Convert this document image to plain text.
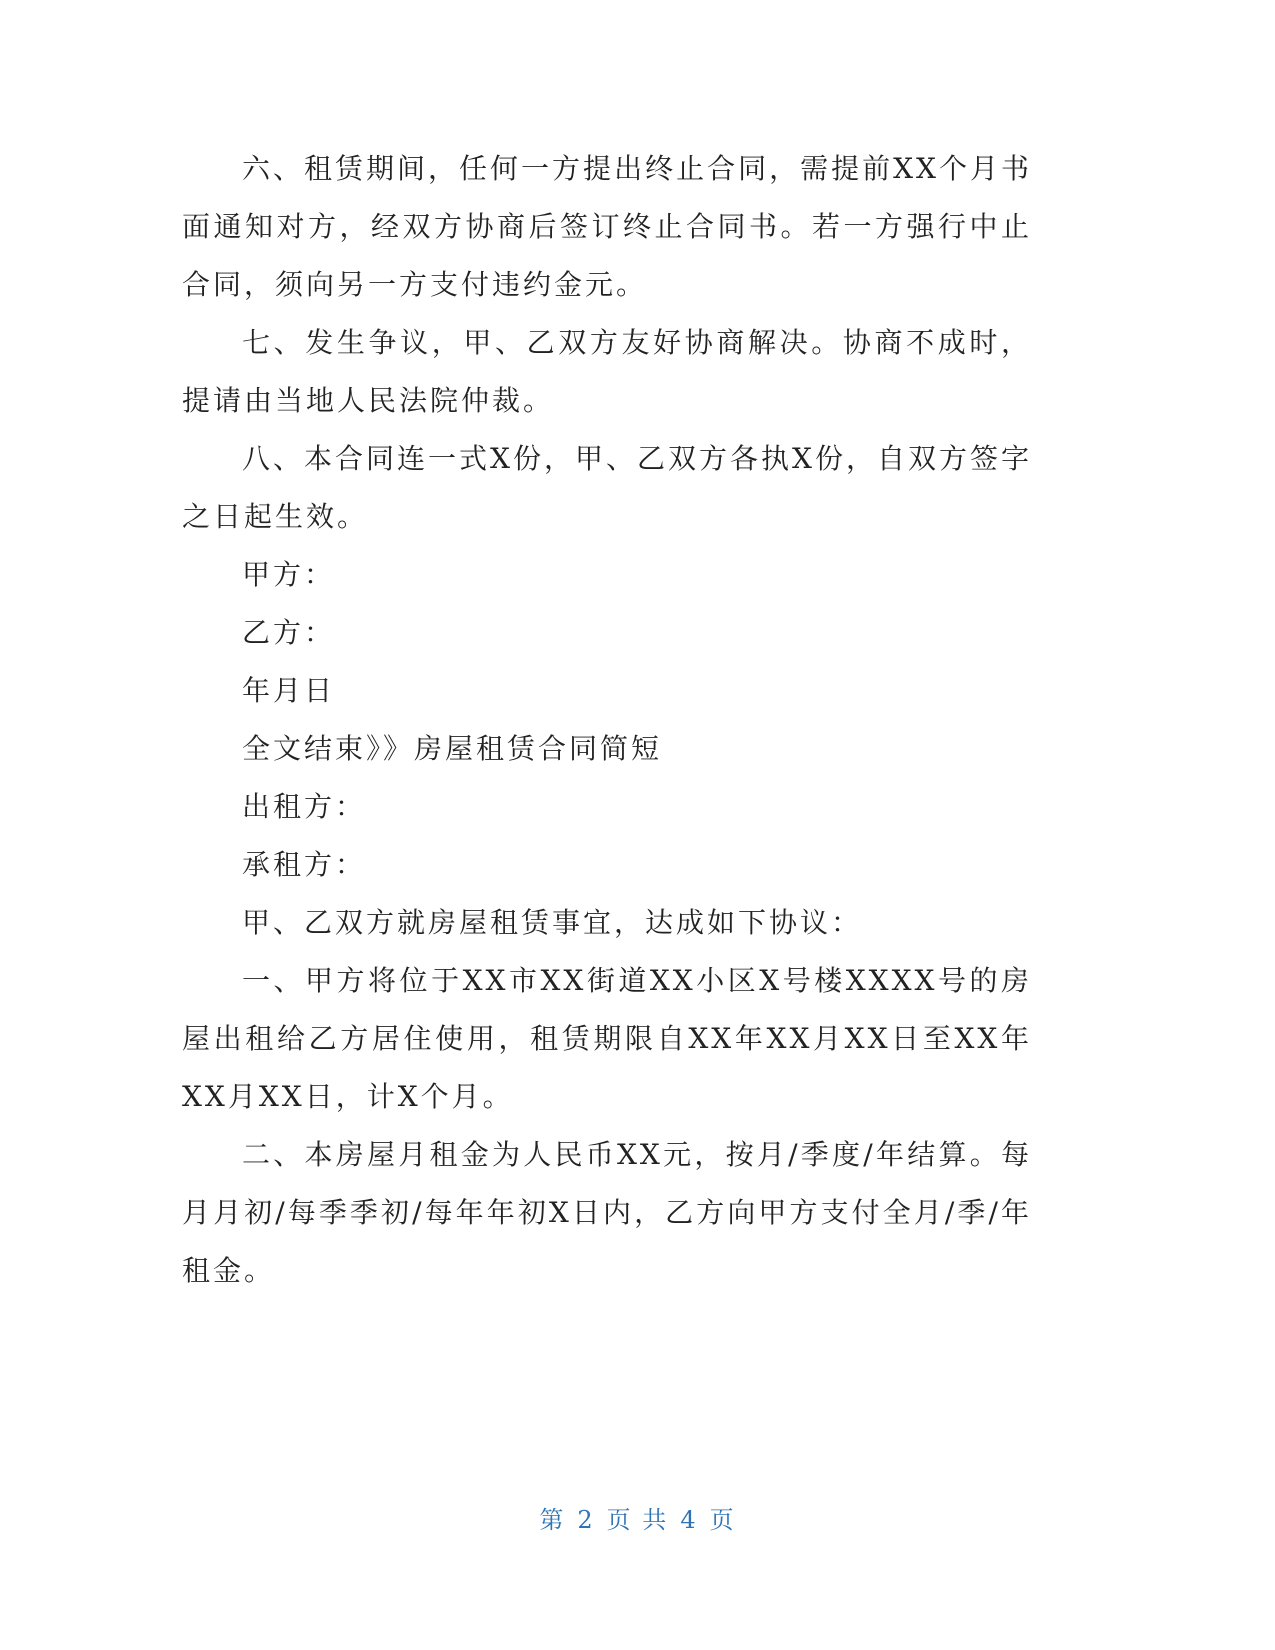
六、租赁期间，任何一方提出终止合同，需提前XX个月书面通知对方，经双方协商后签订终止合同书。若一方强行中止合同，须向另一方支付违约金元。

七、发生争议，甲、乙双方友好协商解决。协商不成时，提请由当地人民法院仲裁。

八、本合同连一式X份，甲、乙双方各执X份，自双方签字之日起生效。

甲方：

乙方：

年月日

全文结束》》房屋租赁合同简短

出租方：

承租方：

甲、乙双方就房屋租赁事宜，达成如下协议：

一、甲方将位于XX市XX街道XX小区X号楼XXXX号的房屋出租给乙方居住使用，租赁期限自XX年XX月XX日至XX年XX月XX日，计X个月。

二、本房屋月租金为人民币XX元，按月/季度/年结算。每月月初/每季季初/每年年初X日内，乙方向甲方支付全月/季/年租金。

第 2 页 共 4 页
